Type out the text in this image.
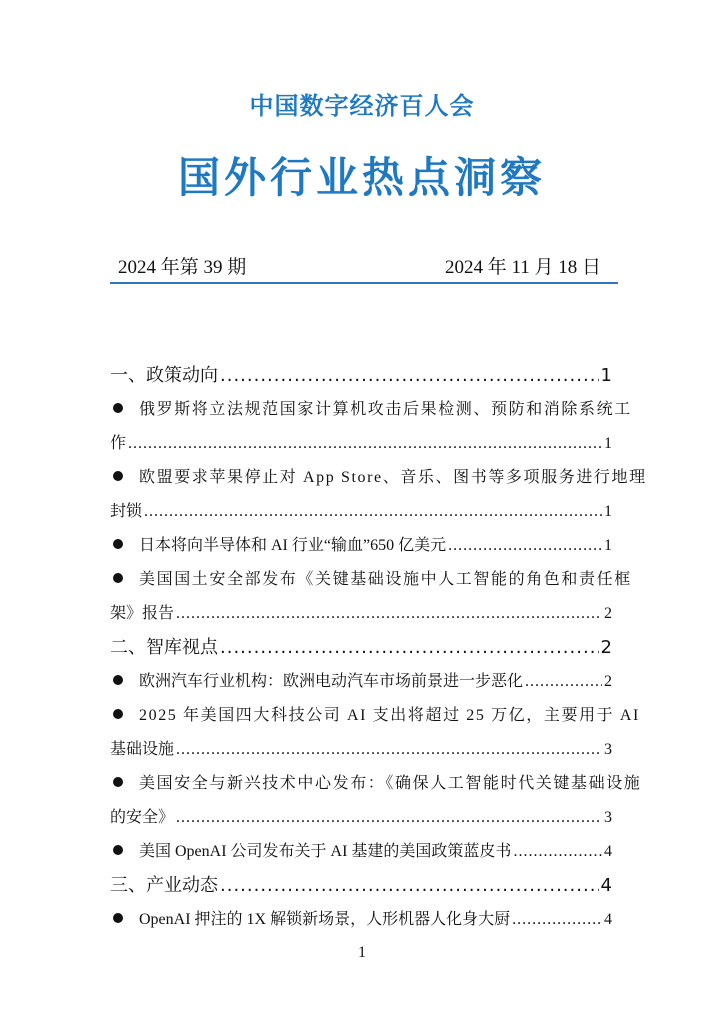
中国数字经济百人会
国外行业热点洞察
2024 年第 39 期	2024 年 11 月 18 日
一、 政策动向 .....	1
俄罗斯将立法规范国家计算机攻击后果检测、预防和消除系统工
作 .....	1
欧盟要求苹果停止对 App Store、音乐、图书等多项服务进行地理
封锁 .....	1
日本将向半导体和 AI 行业“输血”650 亿美元 .....	1
美国国土安全部发布《关键基础设施中人工智能的角色和责任框
架》报告 .....	2
二、 智库视点 .....	2
欧洲汽车行业机构：欧洲电动汽车市场前景进一步恶化 .....	2
2025 年美国四大科技公司 AI 支出将超过 25 万亿，主要用于 AI
基础设施 .....	3
美国安全与新兴技术中心发布：《确保人工智能时代关键基础设施
的安全》 .....	3
美国 OpenAI 公司发布关于 AI 基建的美国政策蓝皮书 .....	4
三、 产业动态 .....	4
OpenAI 押注的 1X 解锁新场景，人形机器人化身大厨 .....	4
1
